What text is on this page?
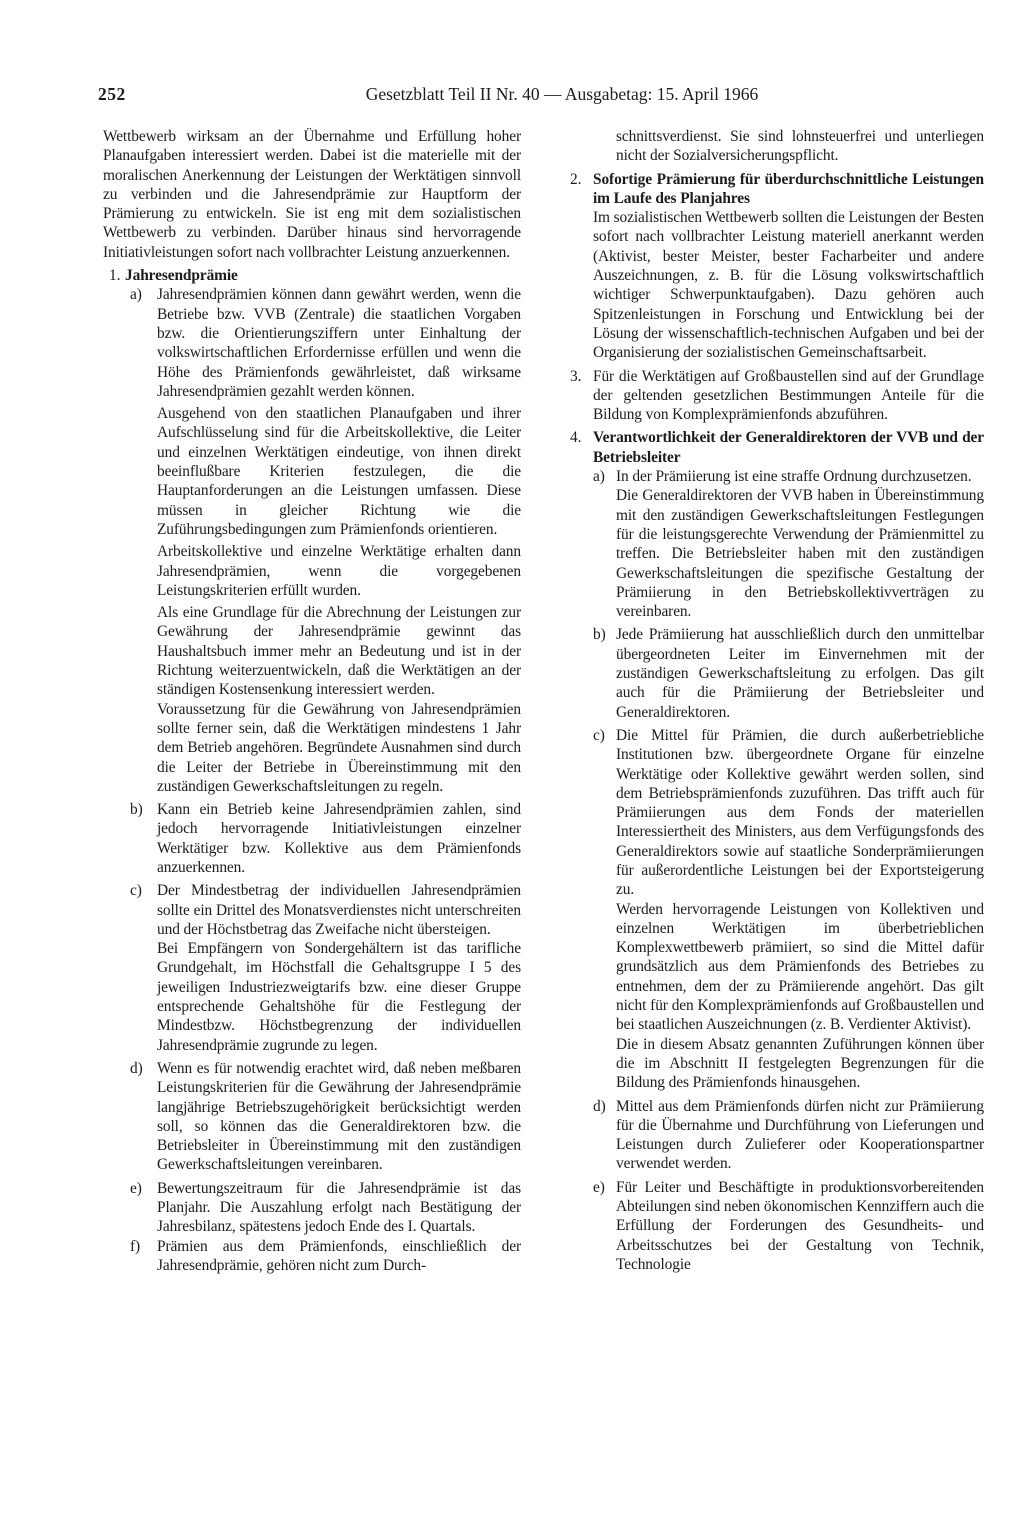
252	Gesetzblatt Teil II Nr. 40 — Ausgabetag: 15. April 1966

Wettbewerb wirksam an der Übernahme und Erfüllung hoher Planaufgaben interessiert werden. Dabei ist die materielle mit der moralischen Anerkennung der Leistungen der Werktätigen sinnvoll zu verbinden und die Jahresendprämie zur Hauptform der Prämierung zu entwickeln. Sie ist eng mit dem sozialistischen Wettbewerb zu verbinden. Darüber hinaus sind hervorragende Initiativleistungen sofort nach vollbrachter Leistung anzuerkennen.

1. Jahresendprämie
a) Jahresendprämien können dann gewährt werden, wenn die Betriebe bzw. VVB (Zentrale) die staatlichen Vorgaben bzw. die Orientierungsziffern unter Einhaltung der volkswirtschaftlichen Erfordernisse erfüllen und wenn die Höhe des Prämienfonds gewährleistet, daß wirksame Jahresendprämien gezahlt werden können.

Ausgehend von den staatlichen Planaufgaben und ihrer Aufschlüsselung sind für die Arbeitskollektive, die Leiter und einzelnen Werktätigen eindeutige, von ihnen direkt beeinflußbare Kriterien festzulegen, die die Hauptanforderungen an die Leistungen umfassen. Diese müssen in gleicher Richtung wie die Zuführungsbedingungen zum Prämienfonds orientieren.

Arbeitskollektive und einzelne Werktätige erhalten dann Jahresendprämien, wenn die vorgegebenen Leistungskriterien erfüllt wurden.

Als eine Grundlage für die Abrechnung der Leistungen zur Gewährung der Jahresendprämie gewinnt das Haushaltsbuch immer mehr an Bedeutung und ist in der Richtung weiterzuentwickeln, daß die Werktätigen an der ständigen Kostensenkung interessiert werden.

Voraussetzung für die Gewährung von Jahresendprämien sollte ferner sein, daß die Werktätigen mindestens 1 Jahr dem Betrieb angehören. Begründete Ausnahmen sind durch die Leiter der Betriebe in Übereinstimmung mit den zuständigen Gewerkschaftsleitungen zu regeln.

b) Kann ein Betrieb keine Jahresendprämien zahlen, sind jedoch hervorragende Initiativleistungen einzelner Werktätiger bzw. Kollektive aus dem Prämienfonds anzuerkennen.

c) Der Mindestbetrag der individuellen Jahresendprämien sollte ein Drittel des Monatsverdienstes nicht unterschreiten und der Höchstbetrag das Zweifache nicht übersteigen.

Bei Empfängern von Sondergehältern ist das tarifliche Grundgehalt, im Höchstfall die Gehaltsgruppe I 5 des jeweiligen Industriezweigtarifs bzw. eine dieser Gruppe entsprechende Gehaltshöhe für die Festlegung der Mindestbzw. Höchstbegrenzung der individuellen Jahresendprämie zugrunde zu legen.

d) Wenn es für notwendig erachtet wird, daß neben meßbaren Leistungskriterien für die Gewährung der Jahresendprämie langjährige Betriebszugehörigkeit berücksichtigt werden soll, so können das die Generaldirektoren bzw. die Betriebsleiter in Übereinstimmung mit den zuständigen Gewerkschaftsleitungen vereinbaren.

e) Bewertungszeitraum für die Jahresendprämie ist das Planjahr. Die Auszahlung erfolgt nach Bestätigung der Jahresbilanz, spätestens jedoch Ende des I. Quartals.

f) Prämien aus dem Prämienfonds, einschließlich der Jahresendprämie, gehören nicht zum Durch-

schnittsverdienst. Sie sind lohnsteuerfrei und unterliegen nicht der Sozialversicherungspflicht.

2. Sofortige Prämierung für überdurchschnittliche Leistungen im Laufe des Planjahres

Im sozialistischen Wettbewerb sollten die Leistungen der Besten sofort nach vollbrachter Leistung materiell anerkannt werden (Aktivist, bester Meister, bester Facharbeiter und andere Auszeichnungen, z. B. für die Lösung volkswirtschaftlich wichtiger Schwerpunktaufgaben). Dazu gehören auch Spitzenleistungen in Forschung und Entwicklung bei der Lösung der wissenschaftlich-technischen Aufgaben und bei der Organisierung der sozialistischen Gemeinschaftsarbeit.

3. Für die Werktätigen auf Großbaustellen sind auf der Grundlage der geltenden gesetzlichen Bestimmungen Anteile für die Bildung von Komplexprämienfonds abzuführen.

4. Verantwortlichkeit der Generaldirektoren der VVB und der Betriebsleiter
a) In der Prämiierung ist eine straffe Ordnung durchzusetzen.

Die Generaldirektoren der VVB haben in Übereinstimmung mit den zuständigen Gewerkschaftsleitungen Festlegungen für die leistungsgerechte Verwendung der Prämienmittel zu treffen. Die Betriebsleiter haben mit den zuständigen Gewerkschaftsleitungen die spezifische Gestaltung der Prämiierung in den Betriebskollektivverträgen zu vereinbaren.

b) Jede Prämiierung hat ausschließlich durch den unmittelbar übergeordneten Leiter im Einvernehmen mit der zuständigen Gewerkschaftsleitung zu erfolgen. Das gilt auch für die Prämiierung der Betriebsleiter und Generaldirektoren.

c) Die Mittel für Prämien, die durch außerbetriebliche Institutionen bzw. übergeordnete Organe für einzelne Werktätige oder Kollektive gewährt werden sollen, sind dem Betriebsprämienfonds zuzuführen. Das trifft auch für Prämiierungen aus dem Fonds der materiellen Interessiertheit des Ministers, aus dem Verfügungsfonds des Generaldirektors sowie auf staatliche Sonderprämiierungen für außerordentliche Leistungen bei der Exportsteigerung zu.

Werden hervorragende Leistungen von Kollektiven und einzelnen Werktätigen im überbetrieblichen Komplexwettbewerb prämiiert, so sind die Mittel dafür grundsätzlich aus dem Prämienfonds des Betriebes zu entnehmen, dem der zu Prämiierende angehört. Das gilt nicht für den Komplexprämienfonds auf Großbaustellen und bei staatlichen Auszeichnungen (z. B. Verdienter Aktivist).

Die in diesem Absatz genannten Zuführungen können über die im Abschnitt II festgelegten Begrenzungen für die Bildung des Prämienfonds hinausgehen.

d) Mittel aus dem Prämienfonds dürfen nicht zur Prämiierung für die Übernahme und Durchführung von Lieferungen und Leistungen durch Zulieferer oder Kooperationspartner verwendet werden.

e) Für Leiter und Beschäftigte in produktionsvorbereitenden Abteilungen sind neben ökonomischen Kennziffern auch die Erfüllung der Forderungen des Gesundheits- und Arbeitsschutzes bei der Gestaltung von Technik, Technologie
